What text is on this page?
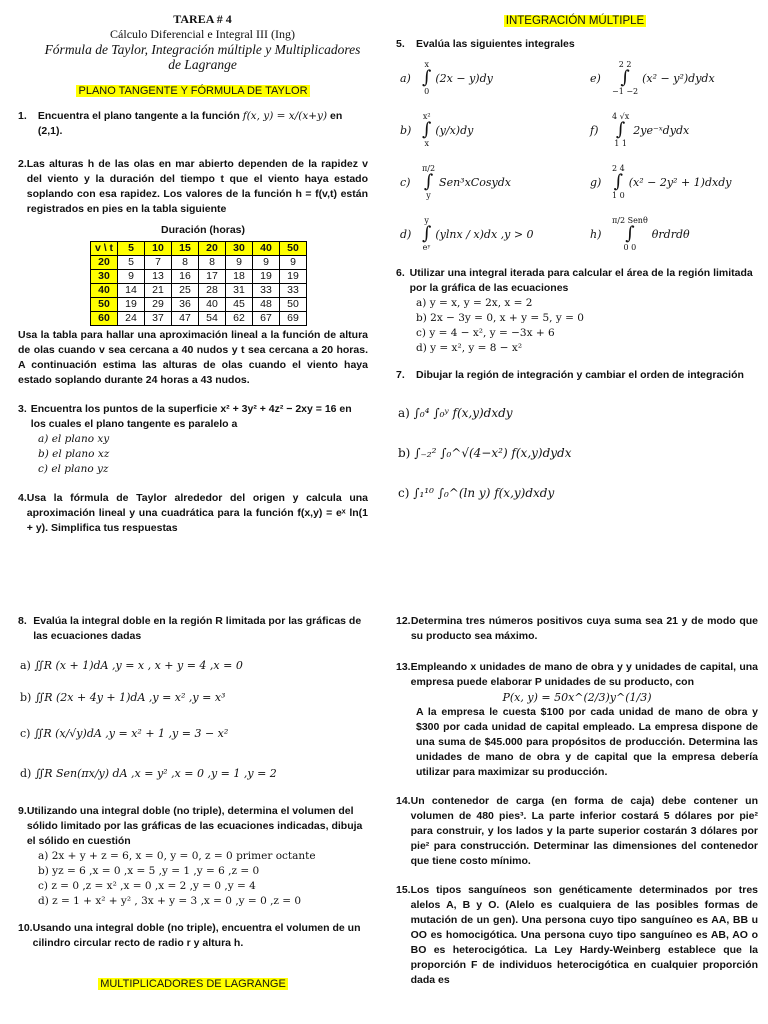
TAREA # 4
Cálculo Diferencial e Integral III (Ing)
Fórmula de Taylor, Integración múltiple y Multiplicadores
de Lagrange
PLANO TANGENTE Y FÓRMULA DE TAYLOR
1.	Encuentra el plano tangente a la función f(x, y) = x/(x+y) en (2,1).
2. Las alturas h de las olas en mar abierto dependen de la rapidez v del viento y la duración del tiempo t que el viento haya estado soplando con esa rapidez. Los valores de la función h = f(v,t) están registrados en pies en la tabla siguiente
Duración (horas)
v \ t	5	10	15	20	30	40	50
20	5	7	8	8	9	9	9
30	9	13	16	17	18	19	19
40	14	21	25	28	31	33	33
50	19	29	36	40	45	48	50
60	24	37	47	54	62	67	69
Usa la tabla para hallar una aproximación lineal a la función de altura de olas cuando v sea cercana a 40 nudos y t sea cercana a 20 horas. A continuación estima las alturas de olas cuando el viento haya estado soplando durante 24 horas a 43 nudos.
3. Encuentra los puntos de la superficie x² + 3y² + 4z² − 2xy = 16 en los cuales el plano tangente es paralelo a
a) el plano xy
b) el plano xz
c) el plano yz
4. Usa la fórmula de Taylor alrededor del origen y calcula una aproximación lineal y una cuadrática para la función f(x,y) = eˣ ln(1 + y). Simplifica tus respuestas
INTEGRACIÓN MÚLTIPLE
5.	Evalúa las siguientes integrales
a)
x
∫
0
(2x − y)dy	e)
2 2
∫
−1 −2
(x² − y²)dydx
b)
x²
∫
x
(y/x)dy	f)
4 √x
∫
1 1
2ye⁻ˣdydx
c)
π/2
∫
y
Sen³xCosydx	g)
2 4
∫
1 0
(x² − 2y² + 1)dxdy
d)
y
∫
eʸ
(ylnx / x)dx ,y > 0	h)
π/2 Senθ
∫
0 0
θrdrdθ
6. Utilizar una integral iterada para calcular el área de la región limitada por la gráfica de las ecuaciones
a) y = x, y = 2x, x = 2
b) 2x − 3y = 0, x + y = 5, y = 0
c) y = 4 − x², y = −3x + 6
d) y = x², y = 8 − x²
7.	Dibujar la región de integración y cambiar el orden de integración
a) ∫₀⁴ ∫₀ʸ f(x,y)dxdy
b) ∫₋₂² ∫₀^√(4−x²) f(x,y)dydx
c) ∫₁¹⁰ ∫₀^(ln y) f(x,y)dxdy
8. Evalúa la integral doble en la región R limitada por las gráficas de las ecuaciones dadas
a) ∬R (x + 1)dA ,y = x , x + y = 4 ,x = 0
b) ∬R (2x + 4y + 1)dA ,y = x² ,y = x³
c) ∬R (x/√y)dA ,y = x² + 1 ,y = 3 − x²
d) ∬R Sen(πx/y) dA ,x = y² ,x = 0 ,y = 1 ,y = 2
9. Utilizando una integral doble (no triple), determina el volumen del sólido limitado por las gráficas de las ecuaciones indicadas, dibuja el sólido en cuestión
a) 2x + y + z = 6, x = 0, y = 0, z = 0 primer octante
b) yz = 6 ,x = 0 ,x = 5 ,y = 1 ,y = 6 ,z = 0
c) z = 0 ,z = x² ,x = 0 ,x = 2 ,y = 0 ,y = 4
d) z = 1 + x² + y² , 3x + y = 3 ,x = 0 ,y = 0 ,z = 0
10. Usando una integral doble (no triple), encuentra el volumen de un cilindro circular recto de radio r y altura h.
MULTIPLICADORES DE LAGRANGE
12. Determina tres números positivos cuya suma sea 21 y de modo que su producto sea máximo.
13. Empleando x unidades de mano de obra y y unidades de capital, una empresa puede elaborar P unidades de su producto, con
P(x, y) = 50x^(2/3)y^(1/3)
A la empresa le cuesta $100 por cada unidad de mano de obra y $300 por cada unidad de capital empleado. La empresa dispone de una suma de $45.000 para propósitos de producción. Determina las unidades de mano de obra y de capital que la empresa debería utilizar para maximizar su producción.
14. Un contenedor de carga (en forma de caja) debe contener un volumen de 480 pies³. La parte inferior costará 5 dólares por pie² para construir, y los lados y la parte superior costarán 3 dólares por pie² para construcción. Determinar las dimensiones del contenedor que tiene costo mínimo.
15. Los tipos sanguíneos son genéticamente determinados por tres alelos A, B y O. (Alelo es cualquiera de las posibles formas de mutación de un gen). Una persona cuyo tipo sanguíneo es AA, BB u OO es homocigótica. Una persona cuyo tipo sanguíneo es AB, AO o BO es heterocigótica. La Ley Hardy-Weinberg establece que la proporción F de individuos heterocigótica en cualquier proporción dada es
